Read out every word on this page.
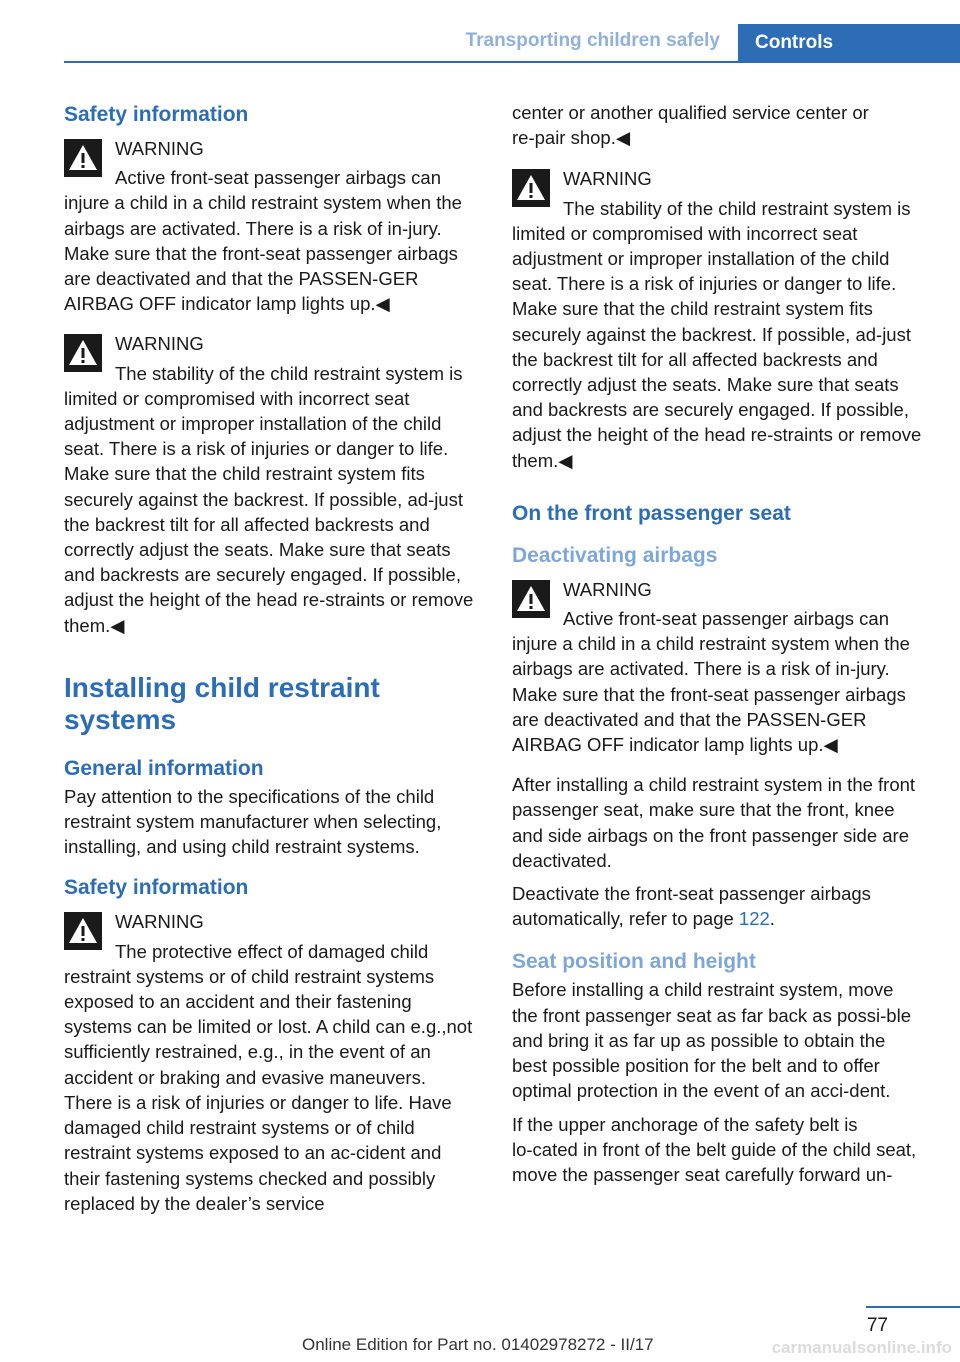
Transporting children safely	Controls
Safety information
WARNING
Active front-seat passenger airbags can injure a child in a child restraint system when the airbags are activated. There is a risk of in‑jury. Make sure that the front-seat passenger airbags are deactivated and that the PASSEN‑GER AIRBAG OFF indicator lamp lights up.◀
WARNING
The stability of the child restraint system is limited or compromised with incorrect seat adjustment or improper installation of the child seat. There is a risk of injuries or danger to life. Make sure that the child restraint system fits securely against the backrest. If possible, ad‑just the backrest tilt for all affected backrests and correctly adjust the seats. Make sure that seats and backrests are securely engaged. If possible, adjust the height of the head re‑straints or remove them.◀
Installing child restraint systems
General information
Pay attention to the specifications of the child restraint system manufacturer when selecting, installing, and using child restraint systems.
Safety information
WARNING
The protective effect of damaged child restraint systems or of child restraint systems exposed to an accident and their fastening systems can be limited or lost. A child can e.g.,not sufficiently restrained, e.g., in the event of an accident or braking and evasive maneuvers. There is a risk of injuries or danger to life. Have damaged child restraint systems or of child restraint systems exposed to an ac‑cident and their fastening systems checked and possibly replaced by the dealer’s service
center or another qualified service center or re‑pair shop.◀
WARNING
The stability of the child restraint system is limited or compromised with incorrect seat adjustment or improper installation of the child seat. There is a risk of injuries or danger to life. Make sure that the child restraint system fits securely against the backrest. If possible, ad‑just the backrest tilt for all affected backrests and correctly adjust the seats. Make sure that seats and backrests are securely engaged. If possible, adjust the height of the head re‑straints or remove them.◀
On the front passenger seat
Deactivating airbags
WARNING
Active front-seat passenger airbags can injure a child in a child restraint system when the airbags are activated. There is a risk of in‑jury. Make sure that the front-seat passenger airbags are deactivated and that the PASSEN‑GER AIRBAG OFF indicator lamp lights up.◀
After installing a child restraint system in the front passenger seat, make sure that the front, knee and side airbags on the front passenger side are deactivated.
Deactivate the front-seat passenger airbags automatically, refer to page 122.
Seat position and height
Before installing a child restraint system, move the front passenger seat as far back as possi‑ble and bring it as far up as possible to obtain the best possible position for the belt and to offer optimal protection in the event of an acci‑dent.
If the upper anchorage of the safety belt is lo‑cated in front of the belt guide of the child seat, move the passenger seat carefully forward un‑
77
Online Edition for Part no. 01402978272 - II/17	carmanualsonline.info
